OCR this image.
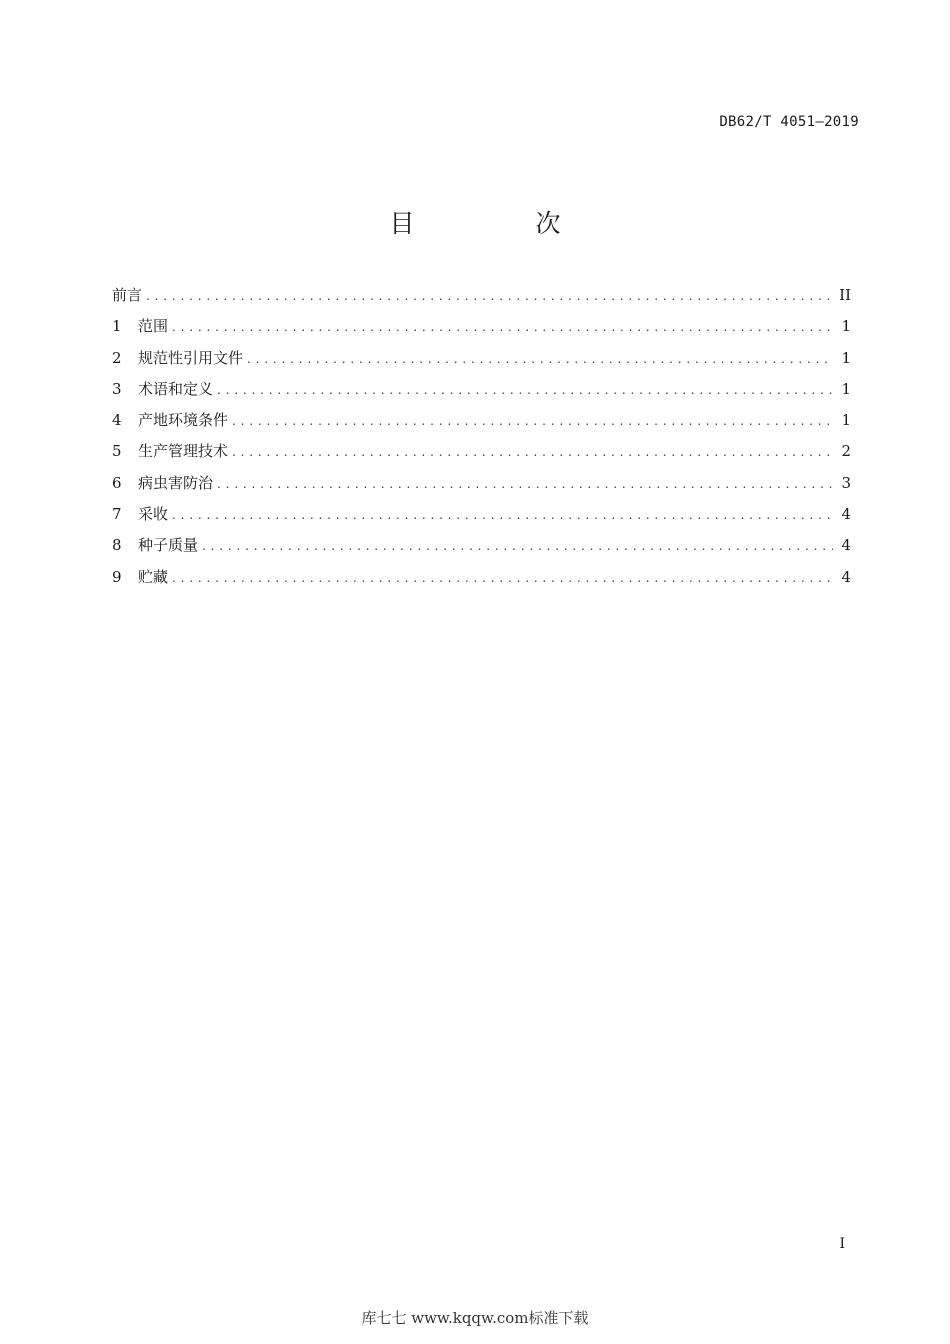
DB62/T 4051—2019
目　次
前言 .....	II
1	范围 .....	1
2	规范性引用文件 .....	1
3	术语和定义 .....	1
4	产地环境条件 .....	1
5	生产管理技术 .....	2
6	病虫害防治 .....	3
7	采收 .....	4
8	种子质量 .....	4
9	贮藏 .....	4
I
库七七 www.kqqw.com标准下载
